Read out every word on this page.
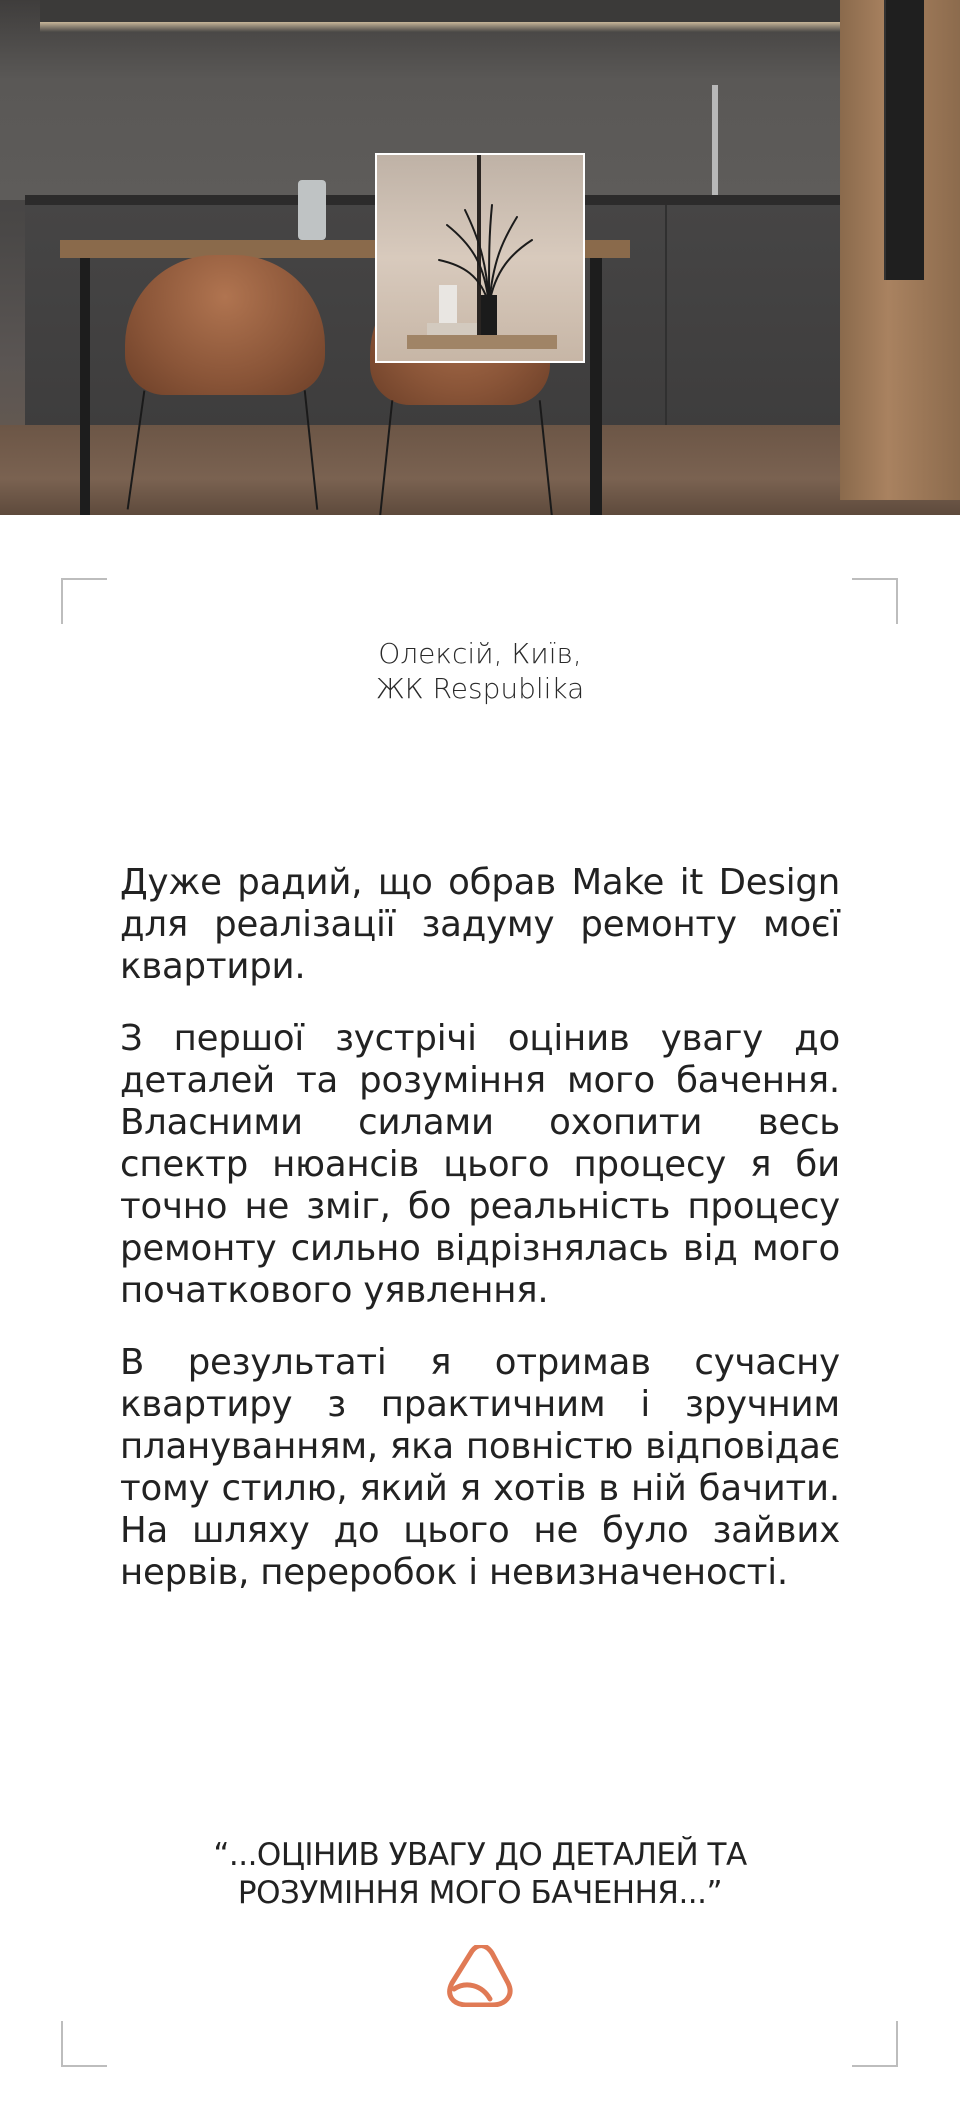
Олексій, Київ,
ЖК Respublika

Дуже радий, що обрав Make it Design для реалізації задуму ремонту моєї квартири.

З першої зустрічі оцінив увагу до деталей та розуміння мого бачення. Власними силами охопити весь спектр нюансів цього процесу я би точно не зміг, бо реальність процесу ремонту сильно відрізнялась від мого початкового уявлення.

В результаті я отримав сучасну квартиру з практичним і зручним плануванням, яка повністю відповідає тому стилю, який я хотів в ній бачити. На шляху до цього не було зайвих нервів, переробок і невизначеності.

“...ОЦІНИВ УВАГУ ДО ДЕТАЛЕЙ ТА
РОЗУМІННЯ МОГО БАЧЕННЯ...”
